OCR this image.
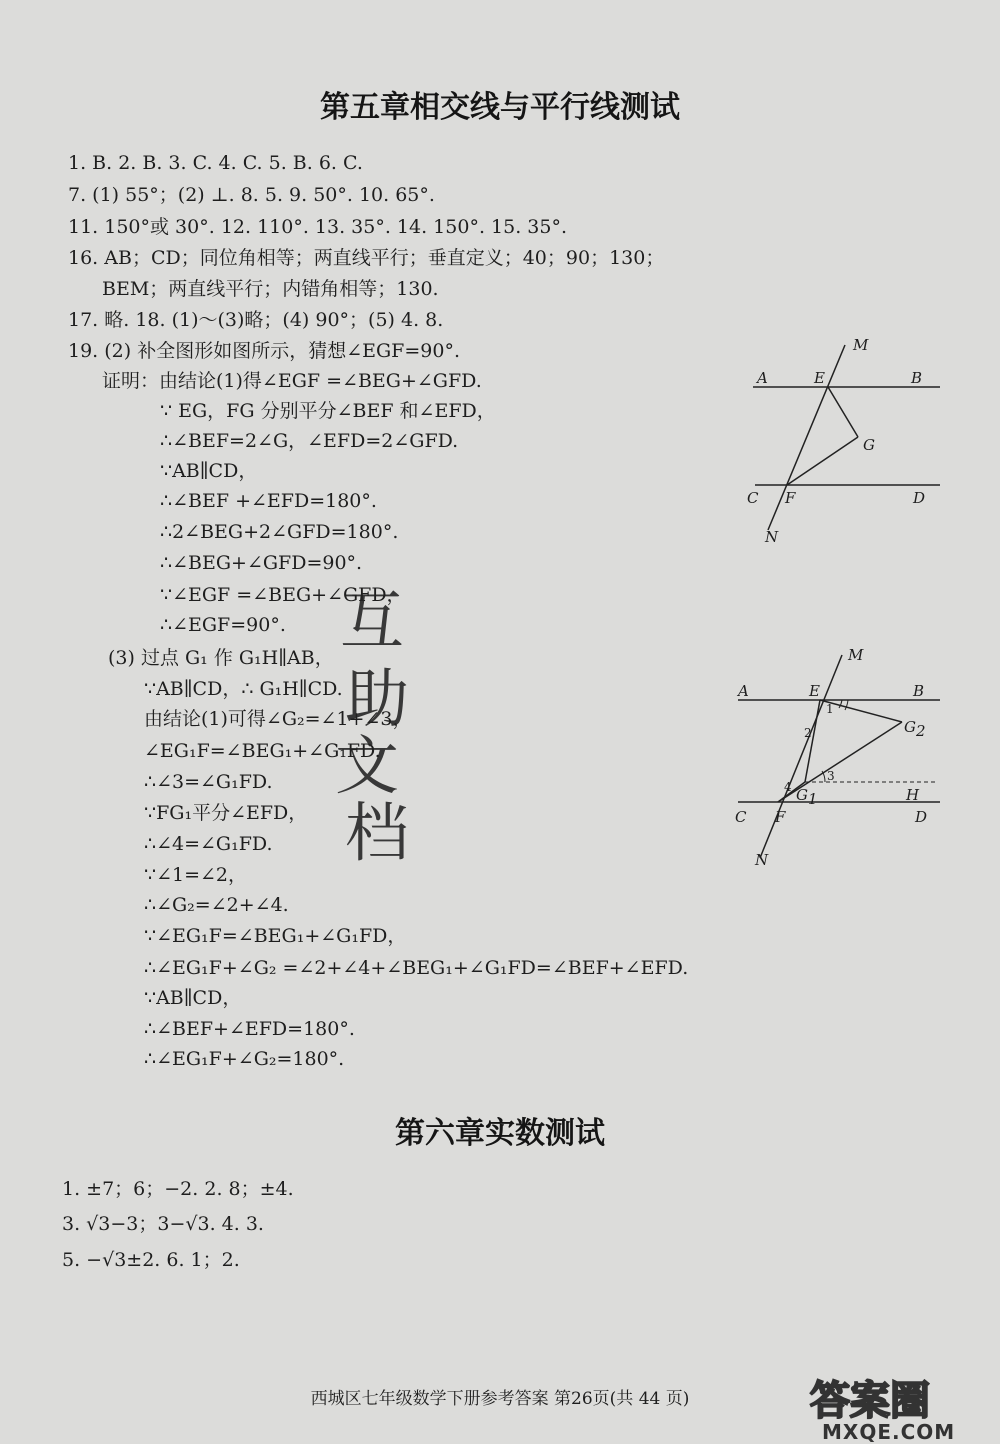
第五章相交线与平行线测试
1. B. 2. B. 3. C. 4. C. 5. B. 6. C.
7. (1) 55°；(2) ⊥. 8. 5. 9. 50°. 10. 65°.
11. 150°或 30°. 12. 110°. 13. 35°. 14. 150°. 15. 35°.
16. AB；CD；同位角相等；两直线平行；垂直定义；40；90；130；
BEM；两直线平行；内错角相等；130.
17. 略. 18. (1)～(3)略；(4) 90°；(5) 4. 8.
19. (2) 补全图形如图所示，猜想∠EGF=90°.
证明：由结论(1)得∠EGF =∠BEG+∠GFD.
∵ EG，FG 分别平分∠BEF 和∠EFD，
∴∠BEF=2∠G，∠EFD=2∠GFD.
∵AB∥CD，
∴∠BEF +∠EFD=180°.
∴2∠BEG+2∠GFD=180°.
∴∠BEG+∠GFD=90°.
∵∠EGF =∠BEG+∠GFD，
∴∠EGF=90°.
(3) 过点 G₁ 作 G₁H∥AB，
∵AB∥CD，∴ G₁H∥CD.
由结论(1)可得∠G₂=∠1+∠3，
∠EG₁F=∠BEG₁+∠G₁FD.
∴∠3=∠G₁FD.
∵FG₁平分∠EFD，
∴∠4=∠G₁FD.
∵∠1=∠2，
∴∠G₂=∠2+∠4.
∵∠EG₁F=∠BEG₁+∠G₁FD，
∴∠EG₁F+∠G₂ =∠2+∠4+∠BEG₁+∠G₁FD=∠BEF+∠EFD.
∵AB∥CD，
∴∠BEF+∠EFD=180°.
∴∠EG₁F+∠G₂=180°.
M
A	E	B
G
C F	D
N
M
A	E	B
G2
1
2
3
4 G1	H
C F	D
N
互
助
文
档
第六章实数测试
1. ±7；6；−2. 2. 8；±4.
3. √3−3；3−√3. 4. 3.
5. −√3±2. 6. 1；2.
西城区七年级数学下册参考答案 第26页(共 44 页)	答案圈
MXQE.COM
